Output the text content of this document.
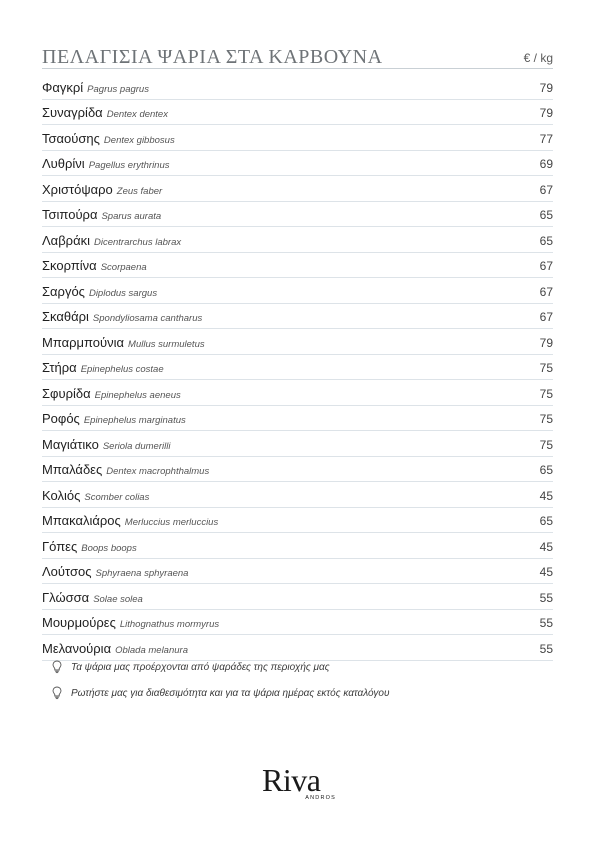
ΠΕΛΑΓΙΣΙΑ ΨΑΡΙΑ ΣΤΑ ΚΑΡΒΟΥΝΑ	€ / kg
Φαγκρί Pagrus pagrus	79
Συναγρίδα Dentex dentex	79
Τσαούσης Dentex gibbosus	77
Λυθρίνι Pagellus erythrinus	69
Χριστόψαρο Zeus faber	67
Τσιπούρα Sparus aurata	65
Λαβράκι Dicentrarchus labrax	65
Σκορπίνα Scorpaena	67
Σαργός Diplodus sargus	67
Σκαθάρι Spondyliosama cantharus	67
Μπαρμπούνια Mullus surmuletus	79
Στήρα Epinephelus costae	75
Σφυρίδα Epinephelus aeneus	75
Ροφός Epinephelus marginatus	75
Μαγιάτικο Seriola dumerilli	75
Μπαλάδες Dentex macrophthalmus	65
Κολιός Scomber colias	45
Μπακαλιάρος Merluccius merluccius	65
Γόπες Boops boops	45
Λούτσος Sphyraena sphyraena	45
Γλώσσα Solae solea	55
Μουρμούρες Lithognathus mormyrus	55
Μελανούρια Oblada melanura	55
Τα ψάρια μας προέρχονται από ψαράδες της περιοχής μας
Ρωτήστε μας για διαθεσιμότητα και για τα ψάρια ημέρας εκτός καταλόγου
Riva
ANDROS
